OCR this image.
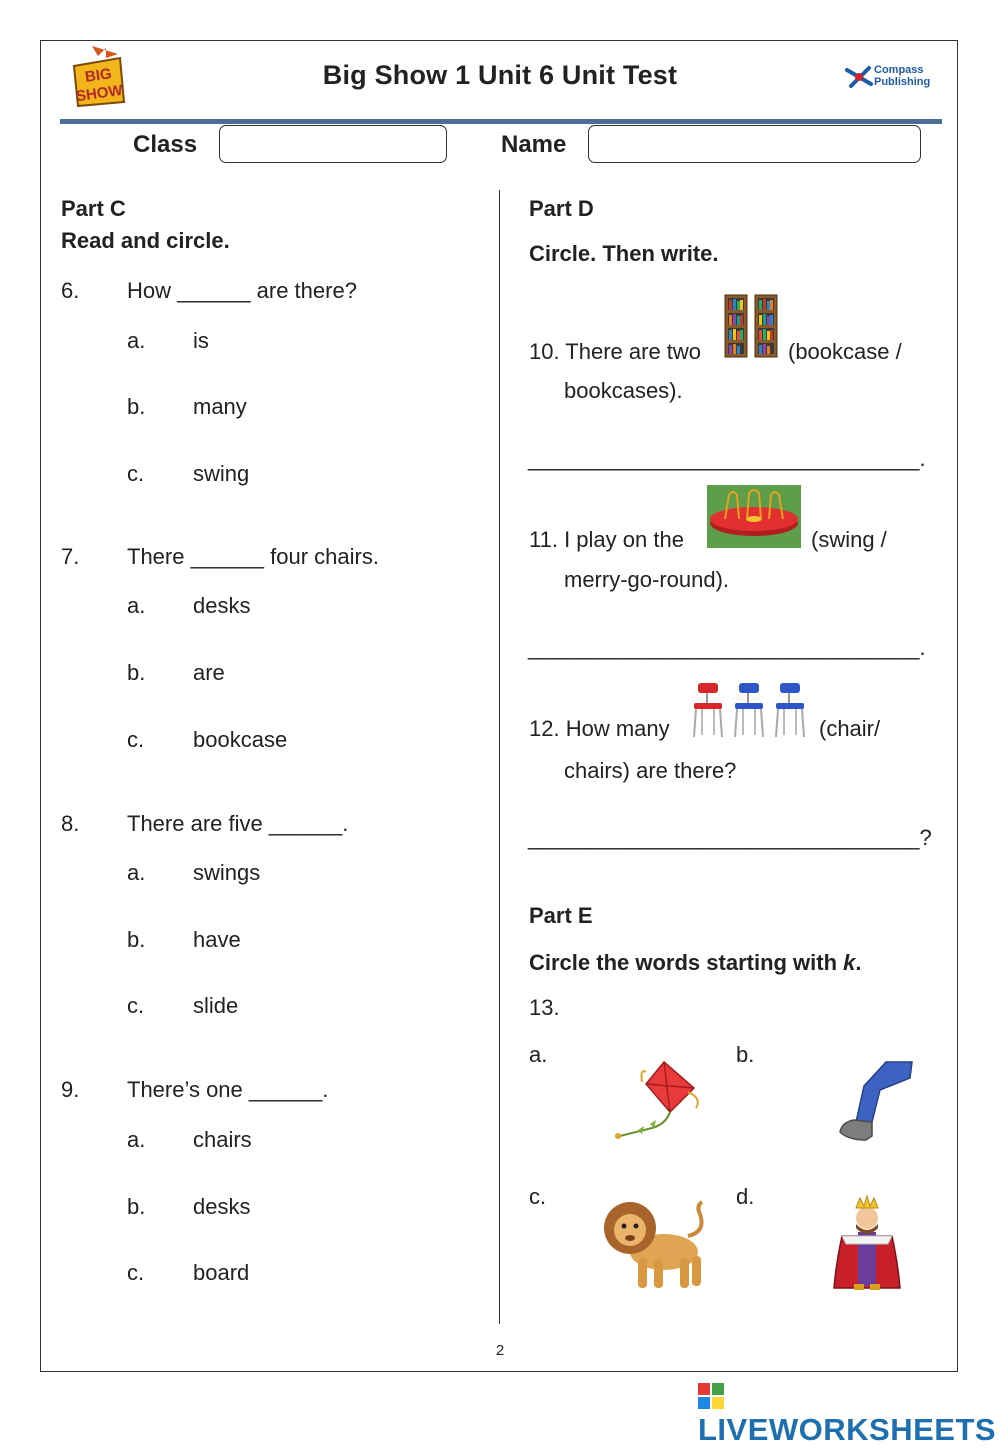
BIG
SHOW
Big Show 1 Unit 6 Unit Test	Compass
Publishing
Class	Name
Part C
Read and circle.
6. How ______ are there?
a. is
b. many
c. swing
7. There ______ four chairs.
a. desks
b. are
c. bookcase
8. There are five ______.
a. swings
b. have
c. slide
9. There’s one ______.
a. chairs
b. desks
c. board
Part D
Circle. Then write.
10. There are two	(bookcase /
bookcases).
________________________________.
11. I play on the	(swing /
merry-go-round).
________________________________.
12. How many	(chair/
chairs) are there?
________________________________?
Part E
Circle the words starting with k.
13.
a.	b.
c.	d.
2
LIVEWORKSHEETS
